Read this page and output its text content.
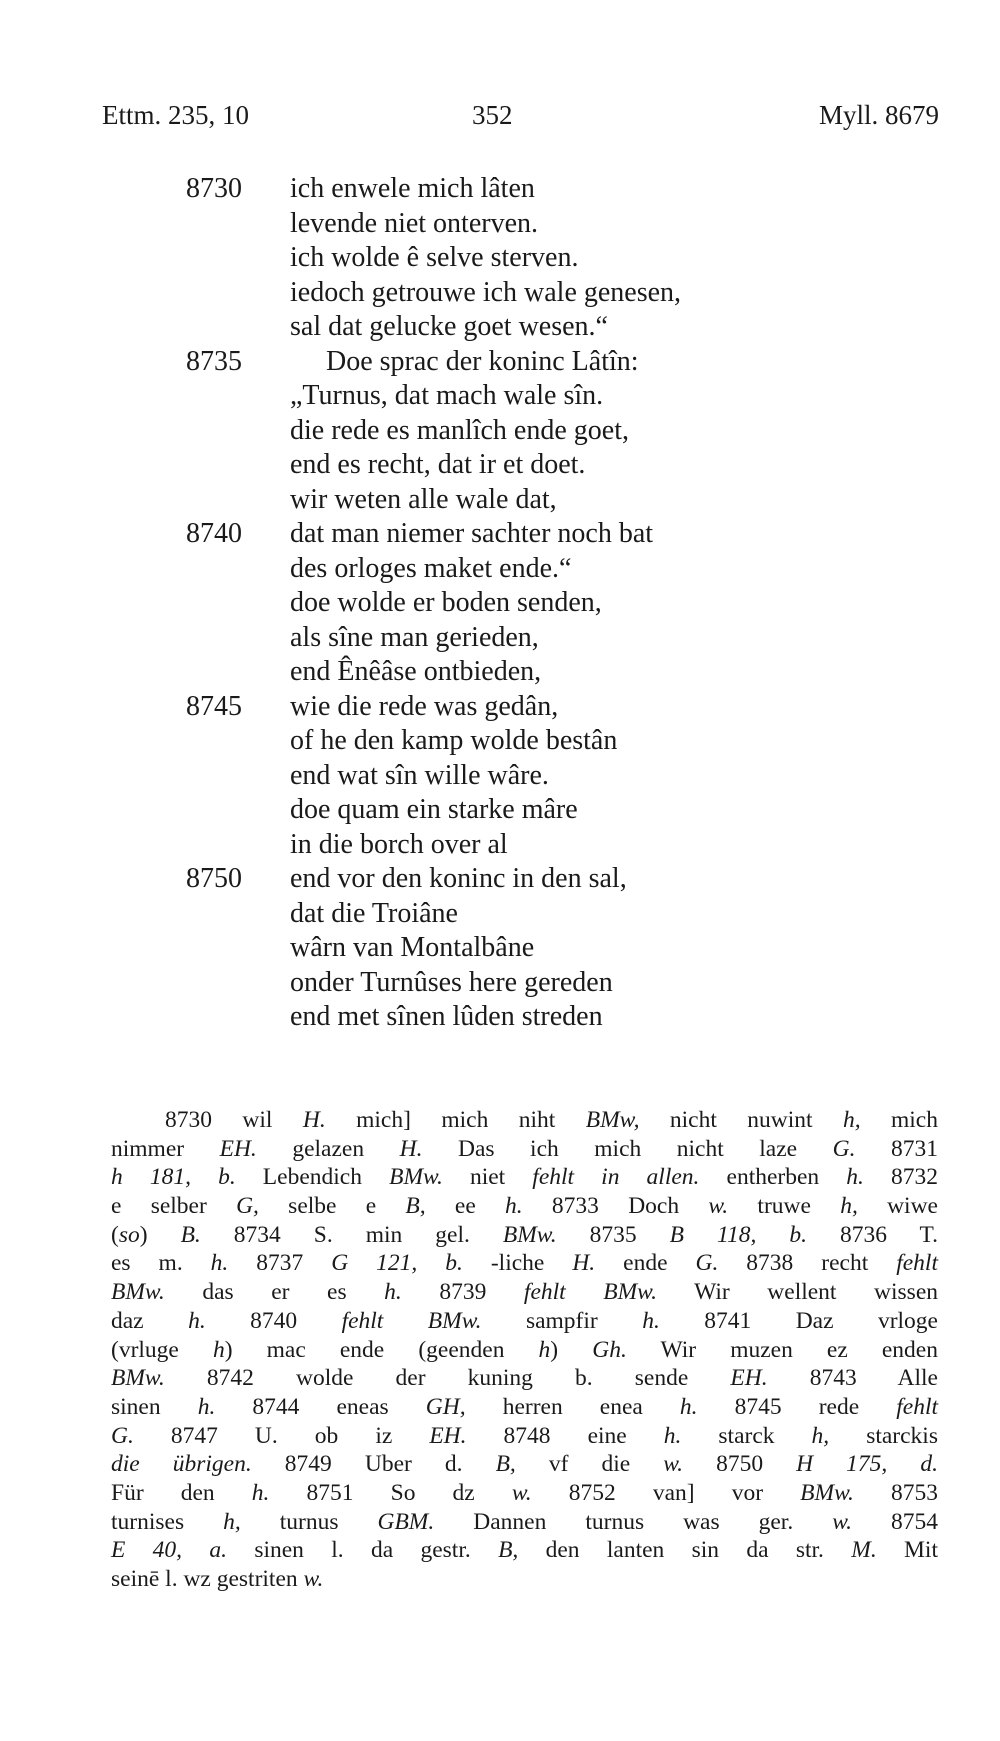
Ettm. 235, 10	352	Myll. 8679
8730	ich enwele mich lâten
levende niet onterven.
ich wolde ê selve sterven.
iedoch getrouwe ich wale genesen,
sal dat gelucke goet wesen.“
8735	Doe sprac der koninc Lâtîn:
„Turnus, dat mach wale sîn.
die rede es manlîch ende goet,
end es recht, dat ir et doet.
wir weten alle wale dat,
8740	dat man niemer sachter noch bat
des orloges maket ende.“
doe wolde er boden senden,
als sîne man gerieden,
end Ênêâse ontbieden,
8745	wie die rede was gedân,
of he den kamp wolde bestân
end wat sîn wille wâre.
doe quam ein starke mâre
in die borch over al
8750	end vor den koninc in den sal,
dat die Troiâne
wârn van Montalbâne
onder Turnûses here gereden
end met sînen lûden streden
8730 wil H. mich] mich niht BMw, nicht nuwint h, mich
nimmer EH. gelazen H. Das ich mich nicht laze G. 8731
h 181, b. Lebendich BMw. niet fehlt in allen. entherben h. 8732
e selber G, selbe e B, ee h. 8733 Doch w. truwe h, wiwe
(so) B. 8734 S. min gel. BMw. 8735 B 118, b. 8736 T.
es m. h. 8737 G 121, b. -liche H. ende G. 8738 recht fehlt
BMw. das er es h. 8739 fehlt BMw. Wir wellent wissen
daz h. 8740 fehlt BMw. sampfir h. 8741 Daz vrloge
(vrluge h) mac ende (geenden h) Gh. Wir muzen ez enden
BMw. 8742 wolde der kuning b. sende EH. 8743 Alle
sinen h. 8744 eneas GH, herren enea h. 8745 rede fehlt
G. 8747 U. ob iz EH. 8748 eine h. starck h, starckis
die übrigen. 8749 Uber d. B, vf die w. 8750 H 175, d.
Für den h. 8751 So dz w. 8752 van] vor BMw. 8753
turnises h, turnus GBM. Dannen turnus was ger. w. 8754
E 40, a. sinen l. da gestr. B, den lanten sin da str. M. Mit
seinē l. wz gestriten w.
